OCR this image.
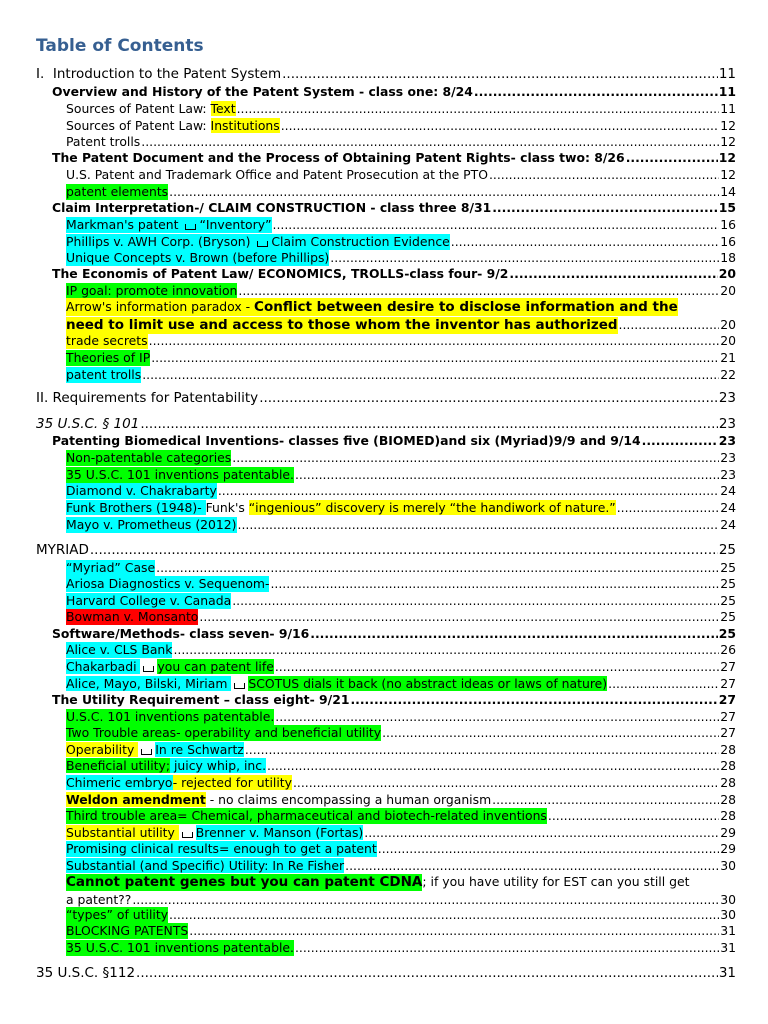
Table of Contents
I. Introduction to the Patent System .....	11
Overview and History of the Patent System - class one: 8/24 .....	11
Sources of Patent Law: Text .....	11
Sources of Patent Law: Institutions .....	12
Patent trolls .....	12
The Patent Document and the Process of Obtaining Patent Rights- class two: 8/26 .....	12
U.S. Patent and Trademark Office and Patent Prosecution at the PTO .....	12
patent elements .....	14
Claim Interpretation-/ CLAIM CONSTRUCTION - class three 8/31 .....	15
Markman's patent “Inventory” .....	16
Phillips v. AWH Corp. (Bryson) Claim Construction Evidence .....	16
Unique Concepts v. Brown (before Phillips) .....	18
The Economis of Patent Law/ ECONOMICS, TROLLS-class four- 9/2 .....	20
IP goal: promote innovation .....	20
Arrow's information paradox - Conflict between desire to disclose information and the
need to limit use and access to those whom the inventor has authorized .....	20
trade secrets .....	20
Theories of IP .....	21
patent trolls .....	22
II. Requirements for Patentability .....	23
35 U.S.C. § 101 .....	23
Patenting Biomedical Inventions- classes five (BIOMED)and six (Myriad)9/9 and 9/14 .....	23
Non-patentable categories .....	23
35 U.S.C. 101 inventions patentable. .....	23
Diamond v. Chakrabarty .....	24
Funk Brothers (1948)- Funk's “ingenious” discovery is merely “the handiwork of nature.” .....	24
Mayo v. Prometheus (2012) .....	24
MYRIAD .....	25
“Myriad” Case .....	25
Ariosa Diagnostics v. Sequenom- .....	25
Harvard College v. Canada .....	25
Bowman v. Monsanto .....	25
Software/Methods- class seven- 9/16 .....	25
Alice v. CLS Bank .....	26
Chakarbadi you can patent life .....	27
Alice, Mayo, Bilski, Miriam SCOTUS dials it back (no abstract ideas or laws of nature) .....	27
The Utility Requirement – class eight- 9/21 .....	27
U.S.C. 101 inventions patentable. .....	27
Two Trouble areas- operability and beneficial utility .....	27
Operability In re Schwartz .....	28
Beneficial utility; juicy whip, inc. .....	28
Chimeric embryo- rejected for utility .....	28
Weldon amendment - no claims encompassing a human organism .....	28
Third trouble area= Chemical, pharmaceutical and biotech-related inventions .....	28
Substantial utility Brenner v. Manson (Fortas) .....	29
Promising clinical results= enough to get a patent .....	29
Substantial (and Specific) Utility: In Re Fisher .....	30
Cannot patent genes but you can patent CDNA ; if you have utility for EST can you still get
a patent?? .....	30
“types” of utility .....	30
BLOCKING PATENTS .....	31
35 U.S.C. 101 inventions patentable. .....	31
35 U.S.C. §112 .....	31
